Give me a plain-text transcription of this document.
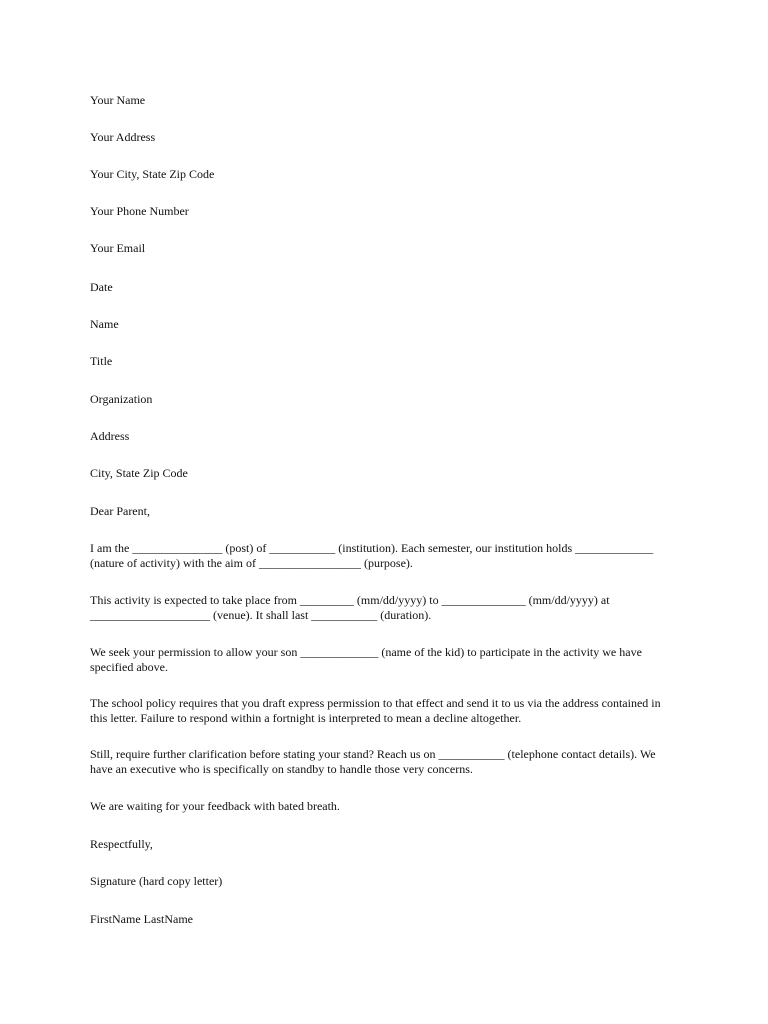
Your Name
Your Address
Your City, State Zip Code
Your Phone Number
Your Email
Date
Name
Title
Organization
Address
City, State Zip Code
Dear Parent,
I am the _______________ (post) of ___________ (institution). Each semester, our institution holds _____________
(nature of activity) with the aim of _________________ (purpose).
This activity is expected to take place from _________ (mm/dd/yyyy) to ______________ (mm/dd/yyyy) at
____________________ (venue). It shall last ___________ (duration).
We seek your permission to allow your son _____________ (name of the kid) to participate in the activity we have
specified above.
The school policy requires that you draft express permission to that effect and send it to us via the address contained in
this letter. Failure to respond within a fortnight is interpreted to mean a decline altogether.
Still, require further clarification before stating your stand? Reach us on ___________ (telephone contact details). We
have an executive who is specifically on standby to handle those very concerns.
We are waiting for your feedback with bated breath.
Respectfully,
Signature (hard copy letter)
FirstName LastName
